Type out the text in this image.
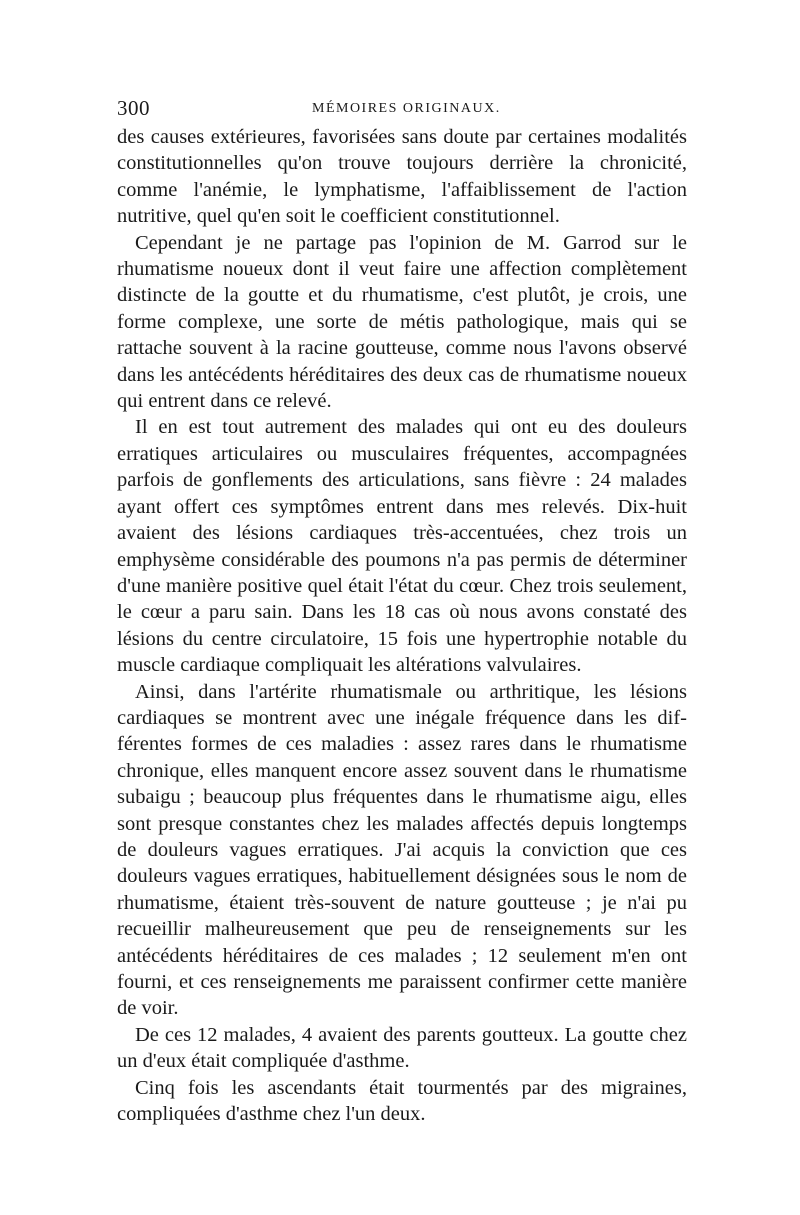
300	MÉMOIRES ORIGINAUX.

des causes extérieures, favorisées sans doute par certaines modalités constitutionnelles qu'on trouve toujours derrière la chronicité, comme l'anémie, le lymphatisme, l'affaiblissement de l'action nutritive, quel qu'en soit le coefficient constitutionnel.

Cependant je ne partage pas l'opinion de M. Garrod sur le rhumatisme noueux dont il veut faire une affection complètement distincte de la goutte et du rhumatisme, c'est plutôt, je crois, une forme complexe, une sorte de métis pathologique, mais qui se rattache souvent à la racine goutteuse, comme nous l'avons observé dans les antécédents héréditaires des deux cas de rhumatisme noueux qui entrent dans ce relevé.

Il en est tout autrement des malades qui ont eu des douleurs erratiques articulaires ou musculaires fréquentes, accompagnées parfois de gonflements des articulations, sans fièvre : 24 malades ayant offert ces symptômes entrent dans mes relevés. Dix-huit avaient des lésions cardiaques très-accentuées, chez trois un emphysème considérable des poumons n'a pas permis de déterminer d'une manière positive quel était l'état du cœur. Chez trois seulement, le cœur a paru sain. Dans les 18 cas où nous avons constaté des lésions du centre circulatoire, 15 fois une hypertrophie notable du muscle cardiaque compliquait les altérations valvulaires.

Ainsi, dans l'artérite rhumatismale ou arthritique, les lésions cardiaques se montrent avec une inégale fréquence dans les différentes formes de ces maladies : assez rares dans le rhumatisme chronique, elles manquent encore assez souvent dans le rhumatisme subaigu ; beaucoup plus fréquentes dans le rhumatisme aigu, elles sont presque constantes chez les malades affectés depuis longtemps de douleurs vagues erratiques. J'ai acquis la conviction que ces douleurs vagues erratiques, habituellement désignées sous le nom de rhumatisme, étaient très-souvent de nature goutteuse ; je n'ai pu recueillir malheureusement que peu de renseignements sur les antécédents héréditaires de ces malades ; 12 seulement m'en ont fourni, et ces renseignements me paraissent confirmer cette manière de voir.

De ces 12 malades, 4 avaient des parents goutteux. La goutte chez un d'eux était compliquée d'asthme.

Cinq fois les ascendants était tourmentés par des migraines, compliquées d'asthme chez l'un deux.
